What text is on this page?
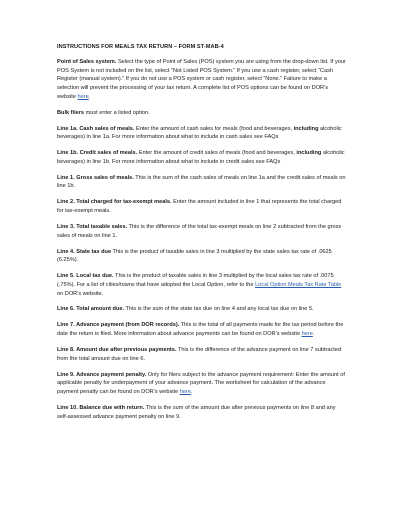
INSTRUCTIONS FOR MEALS TAX RETURN – FORM ST-MAB-4

Point of Sales system. Select the type of Point of Sales (POS) system you are using from the drop-down list. If your POS System is not included on the list, select “Not Listed POS System.” If you use a cash register, select “Cash Register (manual system).” If you do not use a POS system or cash register, select “None.” Failure to make a selection will prevent the processing of your tax return. A complete list of POS options can be found on DOR’s website here.

Bulk filers must enter a listed option.

Line 1a. Cash sales of meals. Enter the amount of cash sales for meals (food and beverages, including alcoholic beverages) in line 1a. For more information about what to include in cash sales see FAQs

Line 1b. Credit sales of meals. Enter the amount of credit sales of meals (food and beverages, including alcoholic beverages) in line 1b. For more information about what to include in credit sales see FAQs

Line 1. Gross sales of meals. This is the sum of the cash sales of meals on line 1a and the credit sales of meals on line 1b.

Line 2. Total charged for tax-exempt meals. Enter the amount included in line 1 that represents the total charged for tax-exempt meals.

Line 3. Total taxable sales. This is the difference of the total tax-exempt meals on line 2 subtracted from the gross sales of meals on line 1.

Line 4. State tax due This is the product of taxable sales in line 3 multiplied by the state sales tax rate of .0625 (6.25%).

Line 5. Local tax due. This is the product of taxable sales in line 3 multiplied by the local sales tax rate of .0075 (.75%). For a list of cities/towns that have adopted the Local Option, refer to the Local Option Meals Tax Rate Table on DOR’s website.

Line 6. Total amount due. This is the sum of the state tax due on line 4 and any local tax due on line 5.

Line 7. Advance payment (from DOR records). This is the total of all payments made for the tax period before the date the return is filed. More information about advance payments can be found on DOR’s website here.

Line 8. Amount due after previous payments. This is the difference of the advance payment on line 7 subtracted from the total amount due on line 6.

Line 9. Advance payment penalty. Only for filers subject to the advance payment requirement: Enter the amount of applicable penalty for underpayment of your advance payment. The worksheet for calculation of the advance payment penalty can be found on DOR’s website here.

Line 10. Balance due with return. This is the sum of the amount due after previous payments on line 8 and any self-assessed advance payment penalty on line 9.
